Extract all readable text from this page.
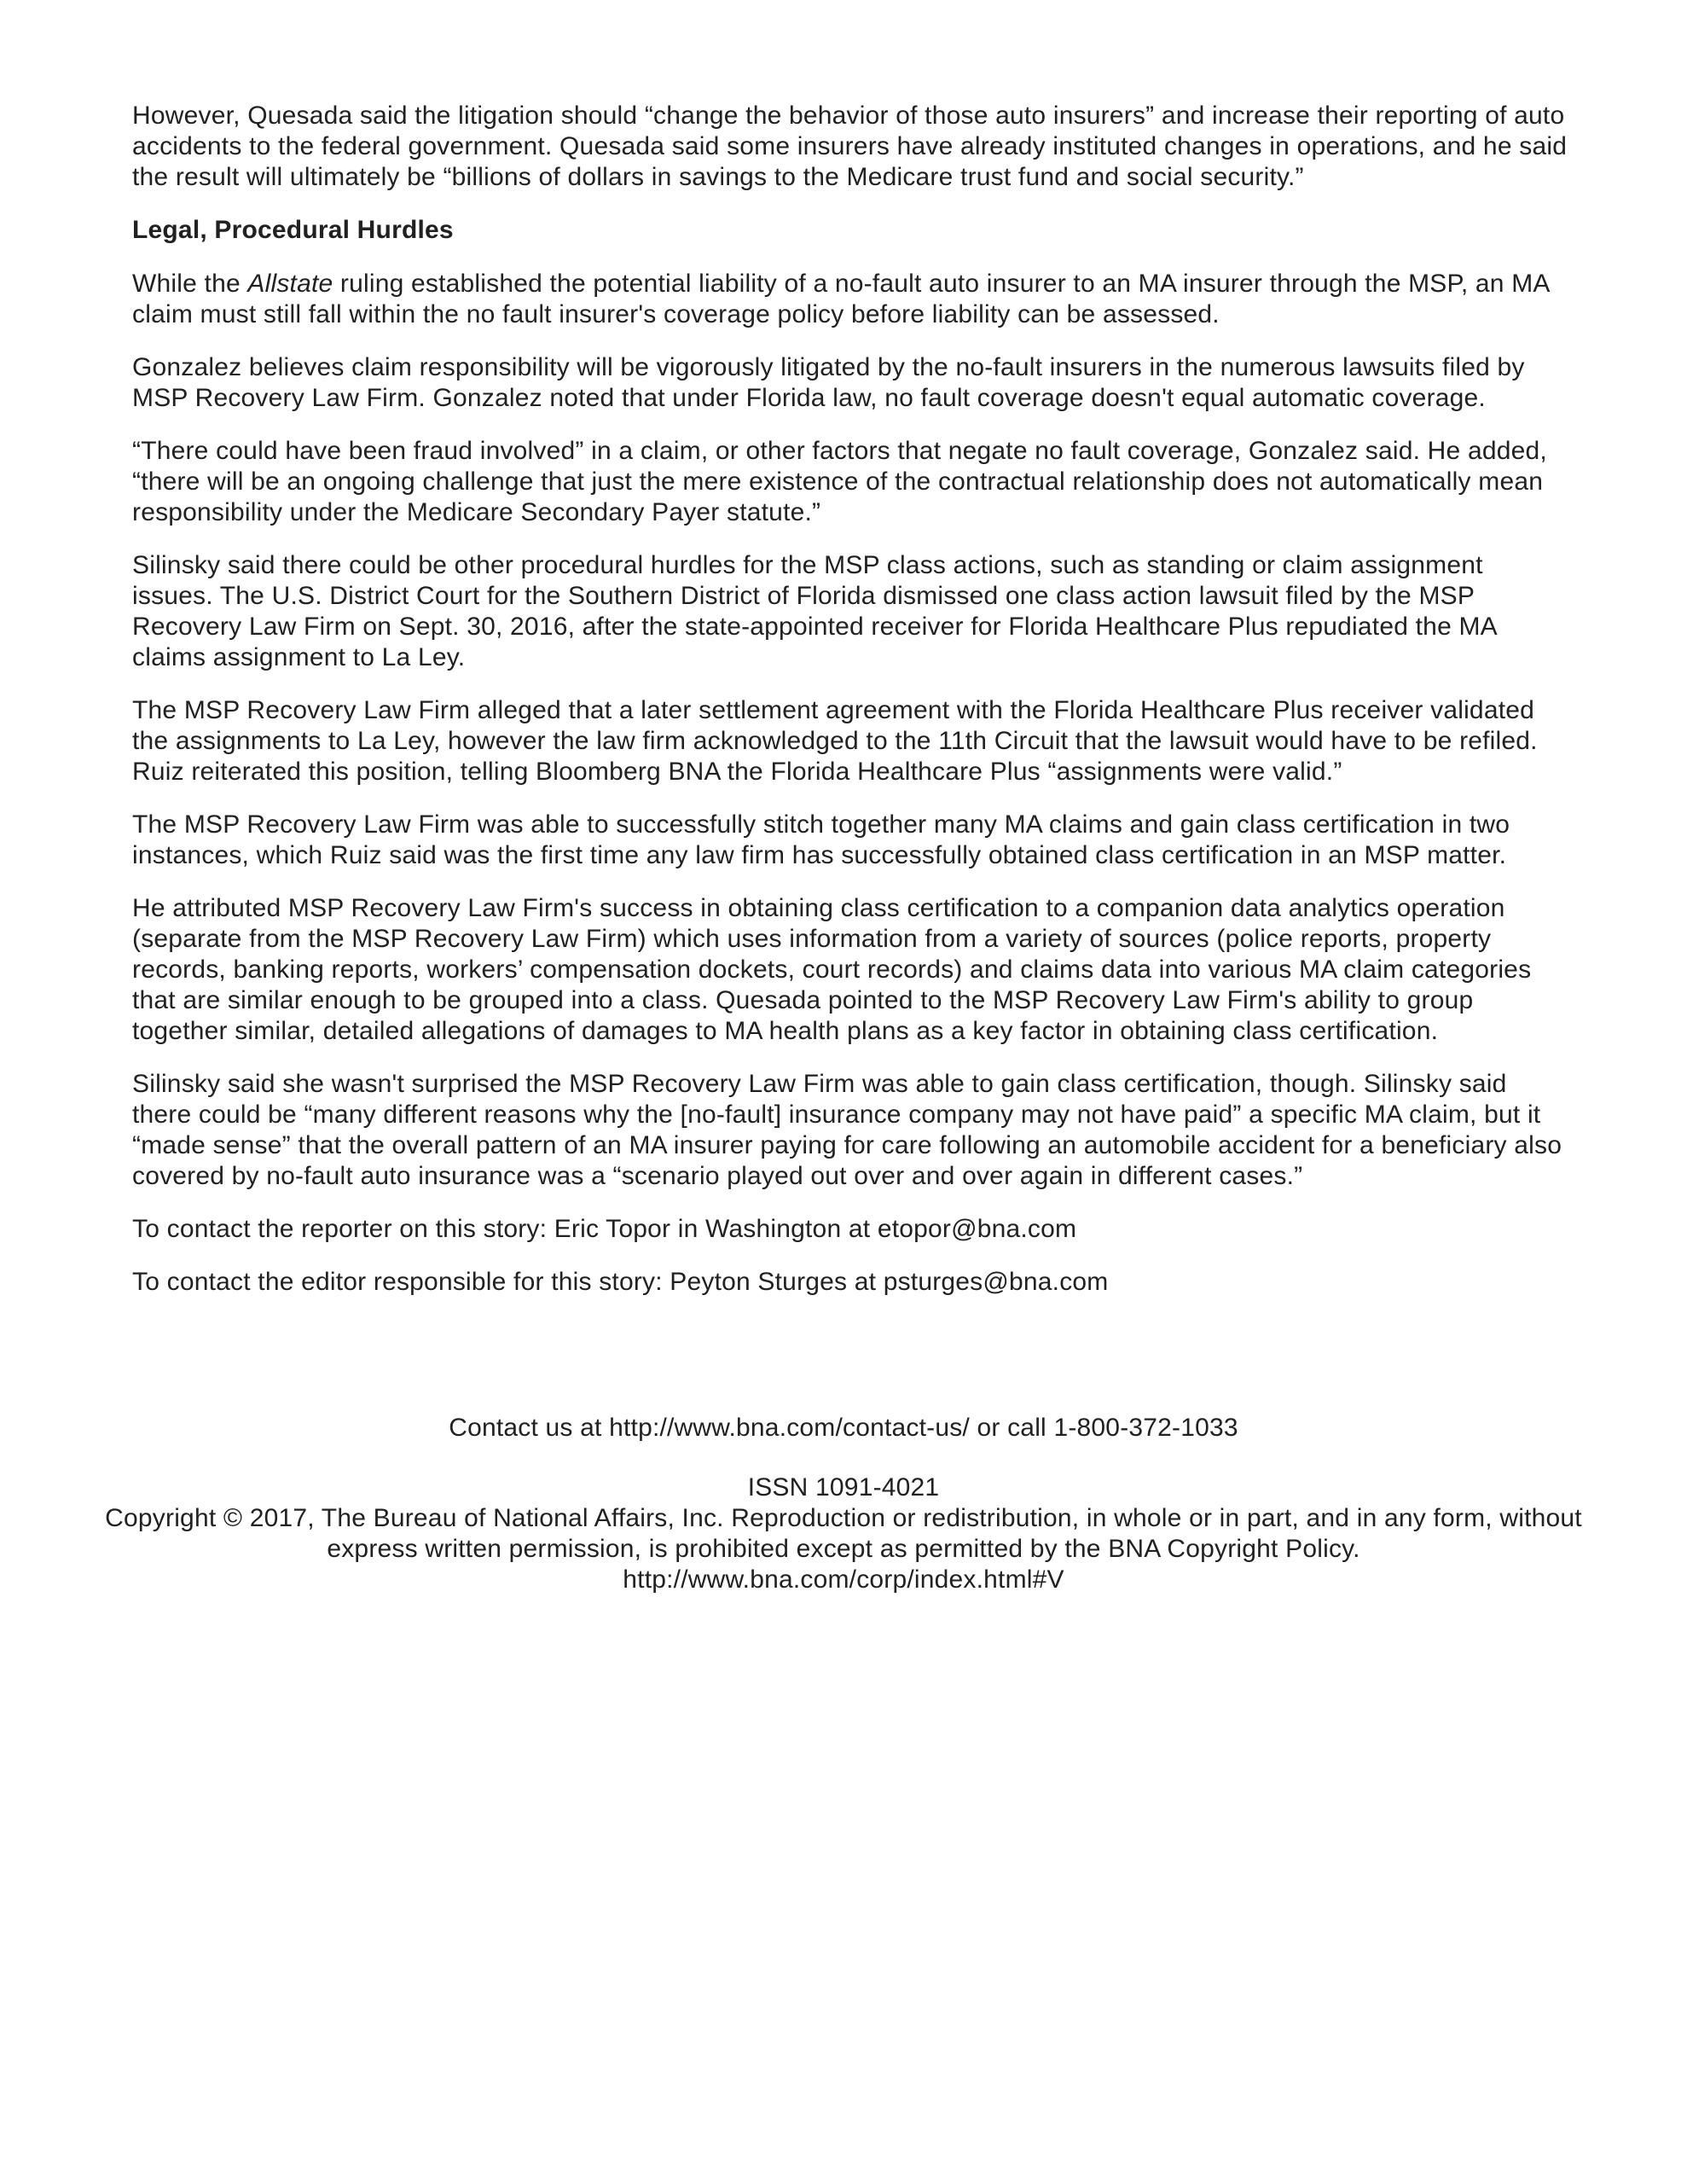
However, Quesada said the litigation should “change the behavior of those auto insurers” and increase their reporting of auto accidents to the federal government. Quesada said some insurers have already instituted changes in operations, and he said the result will ultimately be “billions of dollars in savings to the Medicare trust fund and social security.”

Legal, Procedural Hurdles

While the Allstate ruling established the potential liability of a no-fault auto insurer to an MA insurer through the MSP, an MA claim must still fall within the no fault insurer's coverage policy before liability can be assessed.

Gonzalez believes claim responsibility will be vigorously litigated by the no-fault insurers in the numerous lawsuits filed by MSP Recovery Law Firm. Gonzalez noted that under Florida law, no fault coverage doesn't equal automatic coverage.

“There could have been fraud involved” in a claim, or other factors that negate no fault coverage, Gonzalez said. He added, “there will be an ongoing challenge that just the mere existence of the contractual relationship does not automatically mean responsibility under the Medicare Secondary Payer statute.”

Silinsky said there could be other procedural hurdles for the MSP class actions, such as standing or claim assignment issues. The U.S. District Court for the Southern District of Florida dismissed one class action lawsuit filed by the MSP Recovery Law Firm on Sept. 30, 2016, after the state-appointed receiver for Florida Healthcare Plus repudiated the MA claims assignment to La Ley.

The MSP Recovery Law Firm alleged that a later settlement agreement with the Florida Healthcare Plus receiver validated the assignments to La Ley, however the law firm acknowledged to the 11th Circuit that the lawsuit would have to be refiled. Ruiz reiterated this position, telling Bloomberg BNA the Florida Healthcare Plus “assignments were valid.”

The MSP Recovery Law Firm was able to successfully stitch together many MA claims and gain class certification in two instances, which Ruiz said was the first time any law firm has successfully obtained class certification in an MSP matter.

He attributed MSP Recovery Law Firm's success in obtaining class certification to a companion data analytics operation (separate from the MSP Recovery Law Firm) which uses information from a variety of sources (police reports, property records, banking reports, workers’ compensation dockets, court records) and claims data into various MA claim categories that are similar enough to be grouped into a class. Quesada pointed to the MSP Recovery Law Firm's ability to group together similar, detailed allegations of damages to MA health plans as a key factor in obtaining class certification.

Silinsky said she wasn't surprised the MSP Recovery Law Firm was able to gain class certification, though. Silinsky said there could be “many different reasons why the [no-fault] insurance company may not have paid” a specific MA claim, but it “made sense” that the overall pattern of an MA insurer paying for care following an automobile accident for a beneficiary also covered by no-fault auto insurance was a “scenario played out over and over again in different cases.”

To contact the reporter on this story: Eric Topor in Washington at etopor@bna.com

To contact the editor responsible for this story: Peyton Sturges at psturges@bna.com

Contact us at http://www.bna.com/contact-us/ or call 1-800-372-1033

ISSN 1091-4021

Copyright © 2017, The Bureau of National Affairs, Inc. Reproduction or redistribution, in whole or in part, and in any form, without express written permission, is prohibited except as permitted by the BNA Copyright Policy.

http://www.bna.com/corp/index.html#V
